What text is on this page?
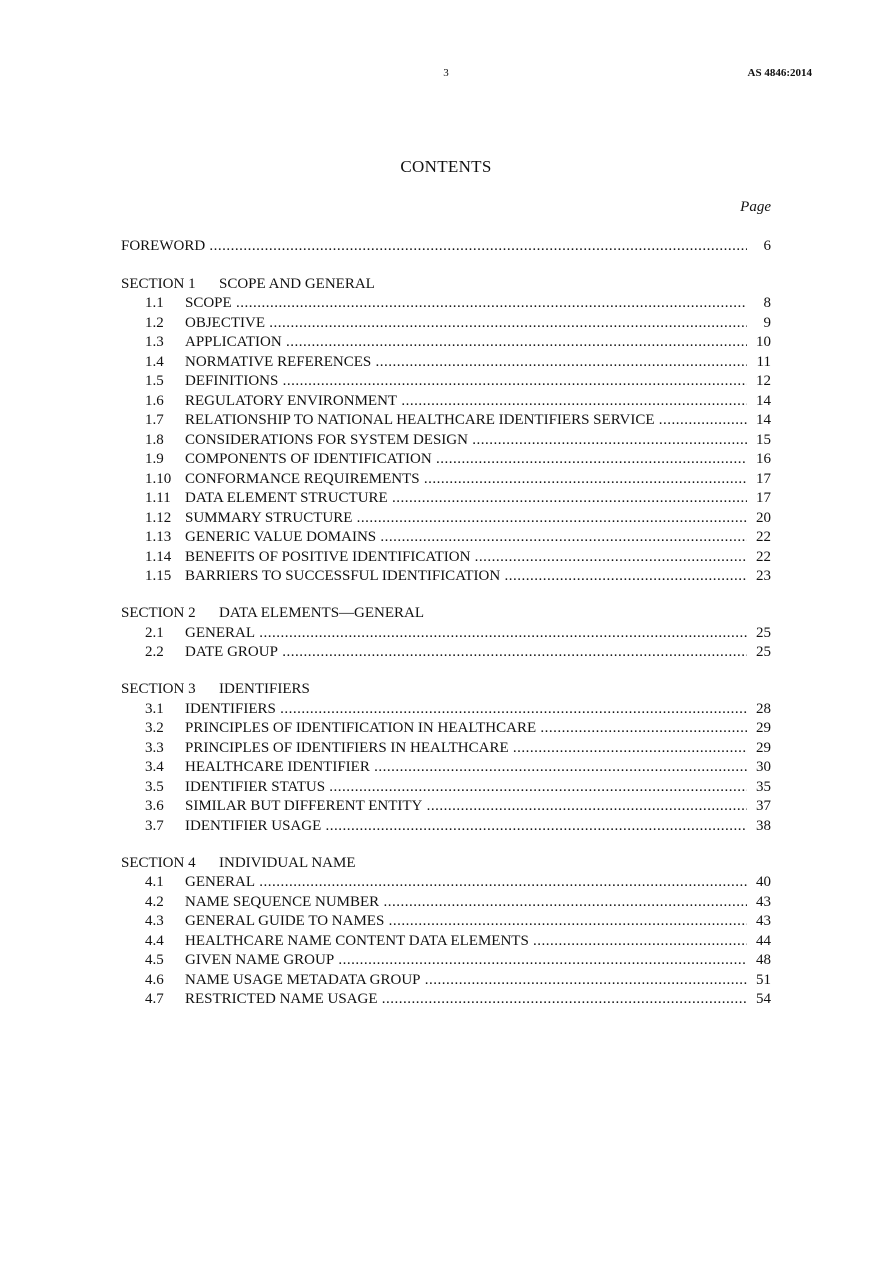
3	AS 4846:2014
CONTENTS
Page
FOREWORD .....	6
SECTION 1 SCOPE AND GENERAL
1.1 SCOPE .....	8
1.2 OBJECTIVE .....	9
1.3 APPLICATION .....	10
1.4 NORMATIVE REFERENCES .....	11
1.5 DEFINITIONS .....	12
1.6 REGULATORY ENVIRONMENT .....	14
1.7 RELATIONSHIP TO NATIONAL HEALTHCARE IDENTIFIERS SERVICE .....	14
1.8 CONSIDERATIONS FOR SYSTEM DESIGN .....	15
1.9 COMPONENTS OF IDENTIFICATION .....	16
1.10 CONFORMANCE REQUIREMENTS .....	17
1.11 DATA ELEMENT STRUCTURE .....	17
1.12 SUMMARY STRUCTURE .....	20
1.13 GENERIC VALUE DOMAINS .....	22
1.14 BENEFITS OF POSITIVE IDENTIFICATION .....	22
1.15 BARRIERS TO SUCCESSFUL IDENTIFICATION .....	23
SECTION 2 DATA ELEMENTS—GENERAL
2.1 GENERAL .....	25
2.2 DATE GROUP .....	25
SECTION 3 IDENTIFIERS
3.1 IDENTIFIERS .....	28
3.2 PRINCIPLES OF IDENTIFICATION IN HEALTHCARE .....	29
3.3 PRINCIPLES OF IDENTIFIERS IN HEALTHCARE .....	29
3.4 HEALTHCARE IDENTIFIER .....	30
3.5 IDENTIFIER STATUS .....	35
3.6 SIMILAR BUT DIFFERENT ENTITY .....	37
3.7 IDENTIFIER USAGE .....	38
SECTION 4 INDIVIDUAL NAME
4.1 GENERAL .....	40
4.2 NAME SEQUENCE NUMBER .....	43
4.3 GENERAL GUIDE TO NAMES .....	43
4.4 HEALTHCARE NAME CONTENT DATA ELEMENTS .....	44
4.5 GIVEN NAME GROUP .....	48
4.6 NAME USAGE METADATA GROUP .....	51
4.7 RESTRICTED NAME USAGE .....	54
